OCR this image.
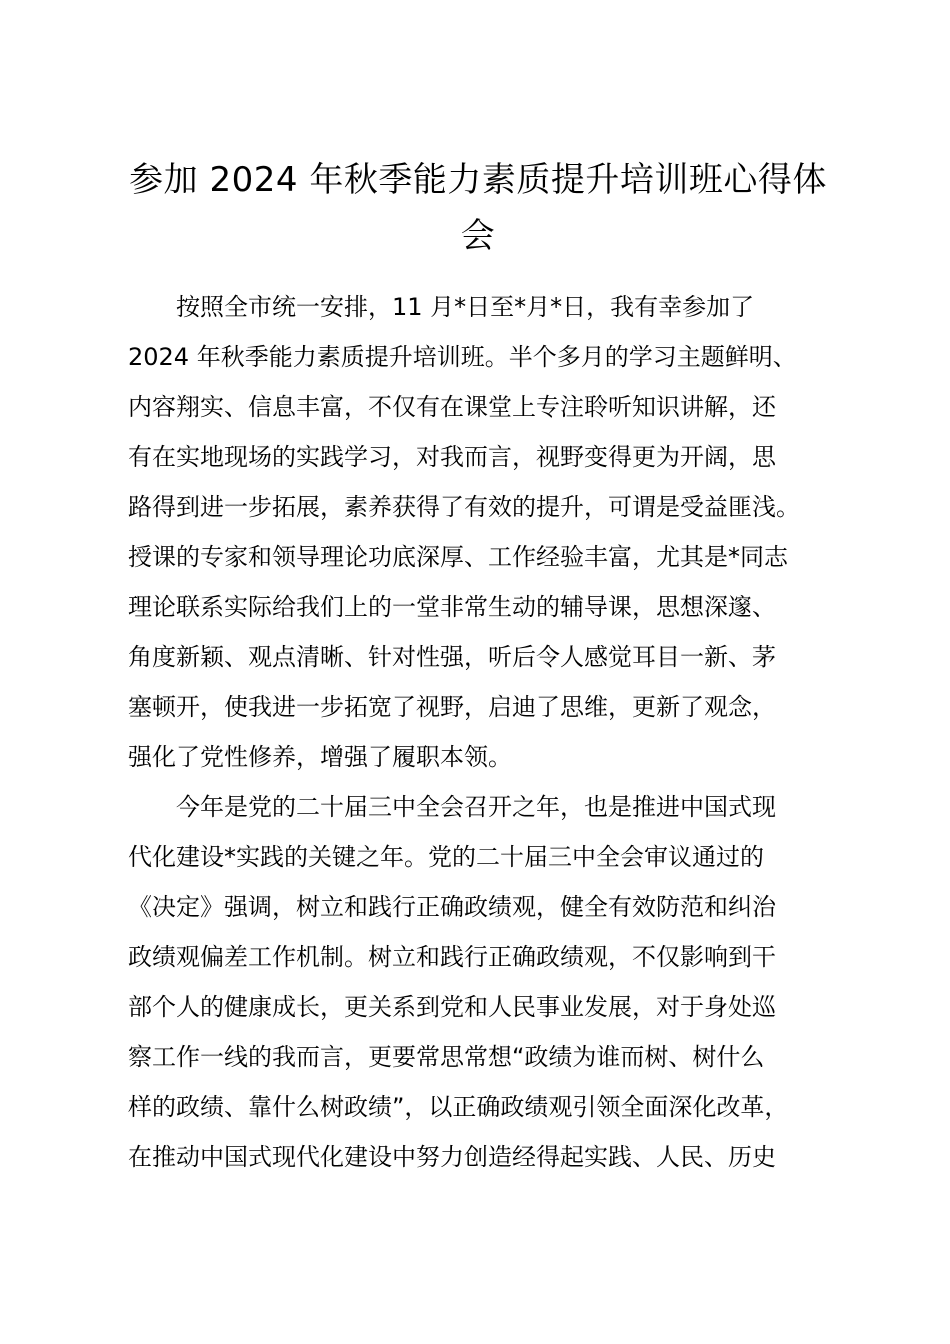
参加 2024 年秋季能力素质提升培训班心得体
会
　　按照全市统一安排，11 月*日至*月*日，我有幸参加了
2024 年秋季能力素质提升培训班。半个多月的学习主题鲜明、
内容翔实、信息丰富，不仅有在课堂上专注聆听知识讲解，还
有在实地现场的实践学习，对我而言，视野变得更为开阔，思
路得到进一步拓展，素养获得了有效的提升，可谓是受益匪浅。
授课的专家和领导理论功底深厚、工作经验丰富，尤其是*同志
理论联系实际给我们上的一堂非常生动的辅导课，思想深邃、
角度新颖、观点清晰、针对性强，听后令人感觉耳目一新、茅
塞顿开，使我进一步拓宽了视野，启迪了思维，更新了观念，
强化了党性修养，增强了履职本领。
　　今年是党的二十届三中全会召开之年，也是推进中国式现
代化建设*实践的关键之年。党的二十届三中全会审议通过的
《决定》强调，树立和践行正确政绩观，健全有效防范和纠治
政绩观偏差工作机制。树立和践行正确政绩观，不仅影响到干
部个人的健康成长，更关系到党和人民事业发展，对于身处巡
察工作一线的我而言，更要常思常想“政绩为谁而树、树什么
样的政绩、靠什么树政绩”，以正确政绩观引领全面深化改革，
在推动中国式现代化建设中努力创造经得起实践、人民、历史
